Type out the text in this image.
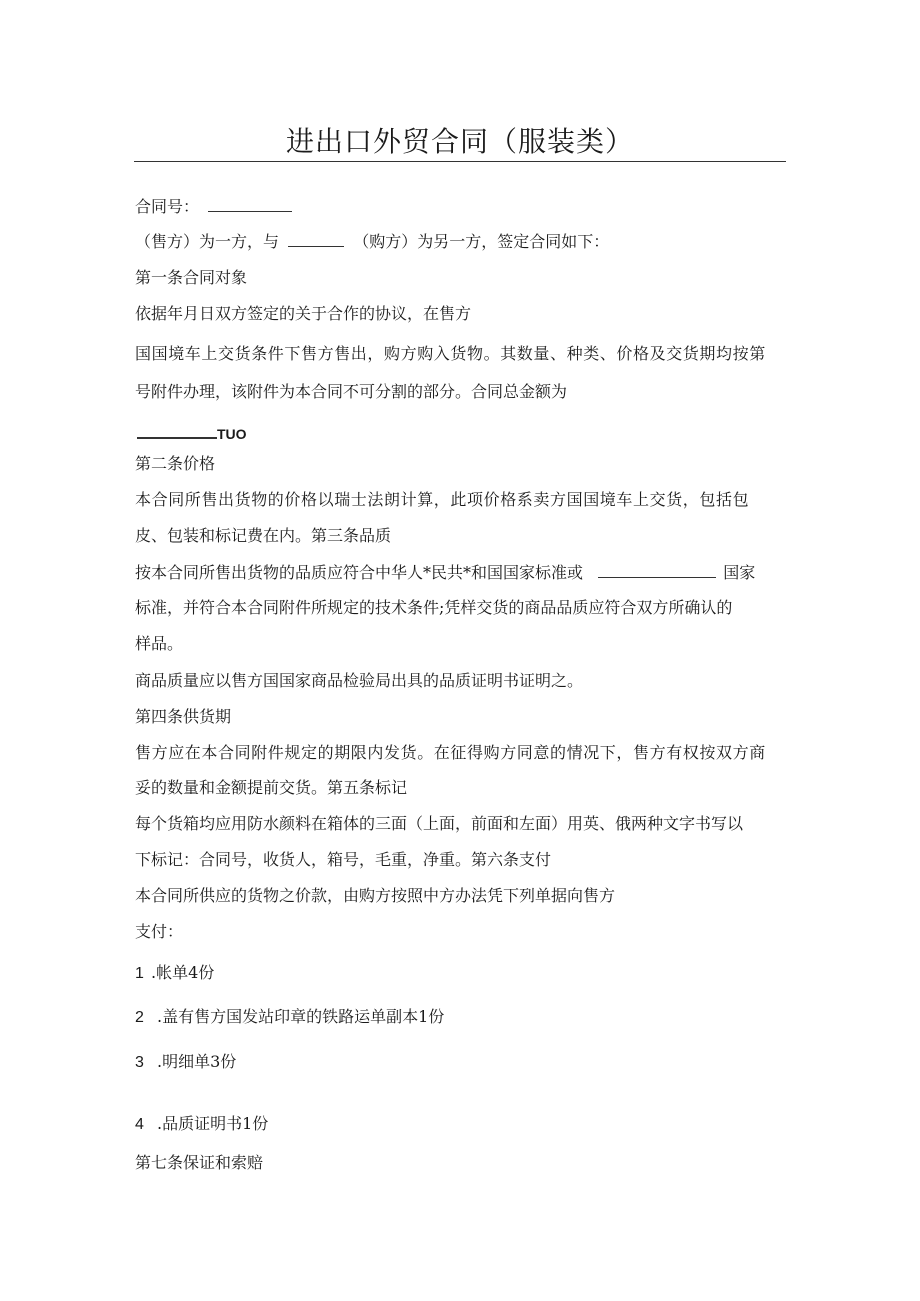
进出口外贸合同（服装类）
合同号：
（售方）为一方，与	（购方）为另一方，签定合同如下：
第一条合同对象
依据年月日双方签定的关于合作的协议，在售方
国国境车上交货条件下售方售出，购方购入货物。其数量、种类、价格及交货期均按第
号附件办理，该附件为本合同不可分割的部分。合同总金额为
TUO
第二条价格
本合同所售出货物的价格以瑞士法朗计算，此项价格系卖方国国境车上交货，包括包
皮、包装和标记费在内。第三条品质
按本合同所售出货物的品质应符合中华人*民共*和国国家标准或	国家
标准，并符合本合同附件所规定的技术条件;凭样交货的商品品质应符合双方所确认的
样品。
商品质量应以售方国国家商品检验局出具的品质证明书证明之。
第四条供货期
售方应在本合同附件规定的期限内发货。在征得购方同意的情况下，售方有权按双方商
妥的数量和金额提前交货。第五条标记
每个货箱均应用防水颜料在箱体的三面（上面，前面和左面）用英、俄两种文字书写以
下标记：合同号，收货人，箱号，毛重，净重。第六条支付
本合同所供应的货物之价款，由购方按照中方办法凭下列单据向售方
支付：
1 .帐单4份
2 .盖有售方国发站印章的铁路运单副本1份
3 .明细单3份
4 .品质证明书1份
第七条保证和索赔
